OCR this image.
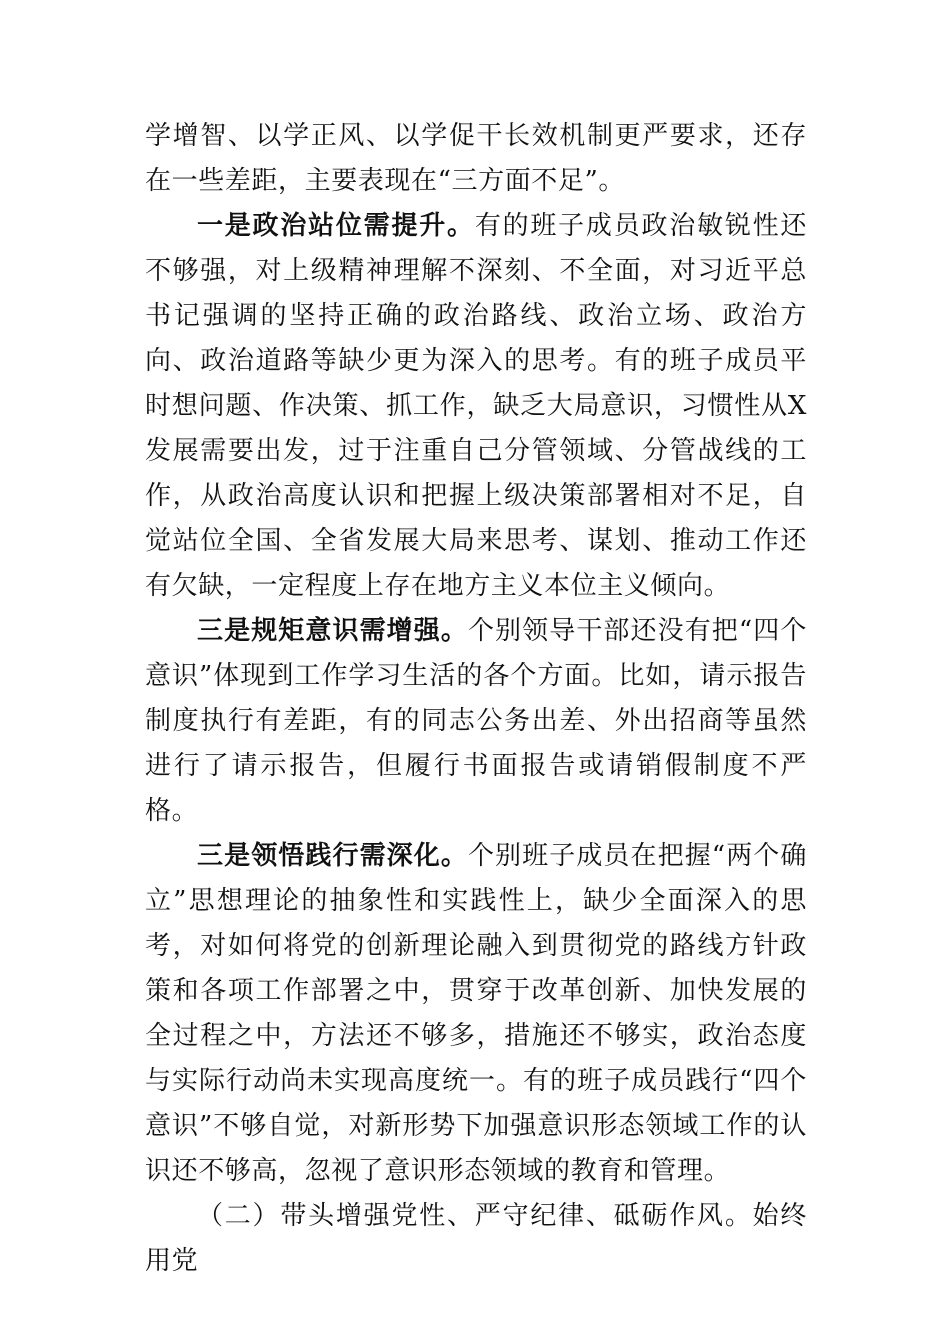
学增智、以学正风、以学促干长效机制更严要求，还存在一些差距，主要表现在“三方面不足”。

一是政治站位需提升。有的班子成员政治敏锐性还不够强，对上级精神理解不深刻、不全面，对习近平总书记强调的坚持正确的政治路线、政治立场、政治方向、政治道路等缺少更为深入的思考。有的班子成员平时想问题、作决策、抓工作，缺乏大局意识，习惯性从X发展需要出发，过于注重自己分管领域、分管战线的工作，从政治高度认识和把握上级决策部署相对不足，自觉站位全国、全省发展大局来思考、谋划、推动工作还有欠缺，一定程度上存在地方主义本位主义倾向。

三是规矩意识需增强。个别领导干部还没有把“四个意识”体现到工作学习生活的各个方面。比如，请示报告制度执行有差距，有的同志公务出差、外出招商等虽然进行了请示报告，但履行书面报告或请销假制度不严格。

三是领悟践行需深化。个别班子成员在把握“两个确立”思想理论的抽象性和实践性上，缺少全面深入的思考，对如何将党的创新理论融入到贯彻党的路线方针政策和各项工作部署之中，贯穿于改革创新、加快发展的全过程之中，方法还不够多，措施还不够实，政治态度与实际行动尚未实现高度统一。有的班子成员践行“四个意识”不够自觉，对新形势下加强意识形态领域工作的认识还不够高，忽视了意识形态领域的教育和管理。

（二）带头增强党性、严守纪律、砥砺作风。始终用党
